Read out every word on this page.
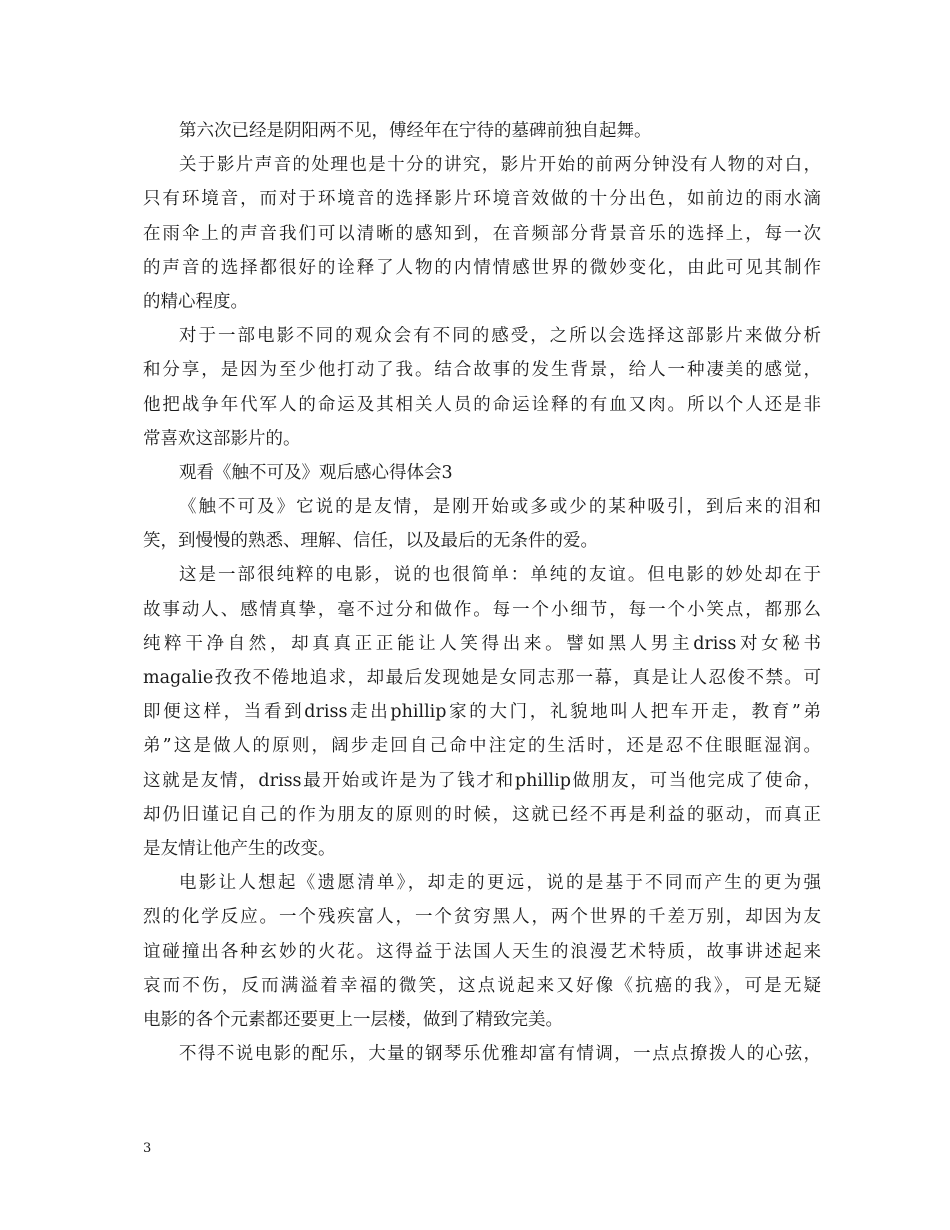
第六次已经是阴阳两不见，傅经年在宁待的墓碑前独自起舞。
关于影片声音的处理也是十分的讲究，影片开始的前两分钟没有人物的对白，
只有环境音，而对于环境音的选择影片环境音效做的十分出色，如前边的雨水滴
在雨伞上的声音我们可以清晰的感知到，在音频部分背景音乐的选择上，每一次
的声音的选择都很好的诠释了人物的内情情感世界的微妙变化，由此可见其制作
的精心程度。
对于一部电影不同的观众会有不同的感受，之所以会选择这部影片来做分析
和分享，是因为至少他打动了我。结合故事的发生背景，给人一种凄美的感觉，
他把战争年代军人的命运及其相关人员的命运诠释的有血又肉。所以个人还是非
常喜欢这部影片的。
观看《触不可及》观后感心得体会3
《触不可及》它说的是友情，是刚开始或多或少的某种吸引，到后来的泪和
笑，到慢慢的熟悉、理解、信任，以及最后的无条件的爱。
这是一部很纯粹的电影，说的也很简单：单纯的友谊。但电影的妙处却在于
故事动人、感情真挚，毫不过分和做作。每一个小细节，每一个小笑点，都那么
纯粹干净自然，却真真正正能让人笑得出来。譬如黑人男主driss对女秘书
magalie孜孜不倦地追求，却最后发现她是女同志那一幕，真是让人忍俊不禁。可
即便这样，当看到driss走出phillip家的大门，礼貌地叫人把车开走，教育”弟
弟”这是做人的原则，阔步走回自己命中注定的生活时，还是忍不住眼眶湿润。
这就是友情，driss最开始或许是为了钱才和phillip做朋友，可当他完成了使命，
却仍旧谨记自己的作为朋友的原则的时候，这就已经不再是利益的驱动，而真正
是友情让他产生的改变。
电影让人想起《遗愿清单》，却走的更远，说的是基于不同而产生的更为强
烈的化学反应。一个残疾富人，一个贫穷黑人，两个世界的千差万别，却因为友
谊碰撞出各种玄妙的火花。这得益于法国人天生的浪漫艺术特质，故事讲述起来
哀而不伤，反而满溢着幸福的微笑，这点说起来又好像《抗癌的我》，可是无疑
电影的各个元素都还要更上一层楼，做到了精致完美。
不得不说电影的配乐，大量的钢琴乐优雅却富有情调，一点点撩拨人的心弦，
3
